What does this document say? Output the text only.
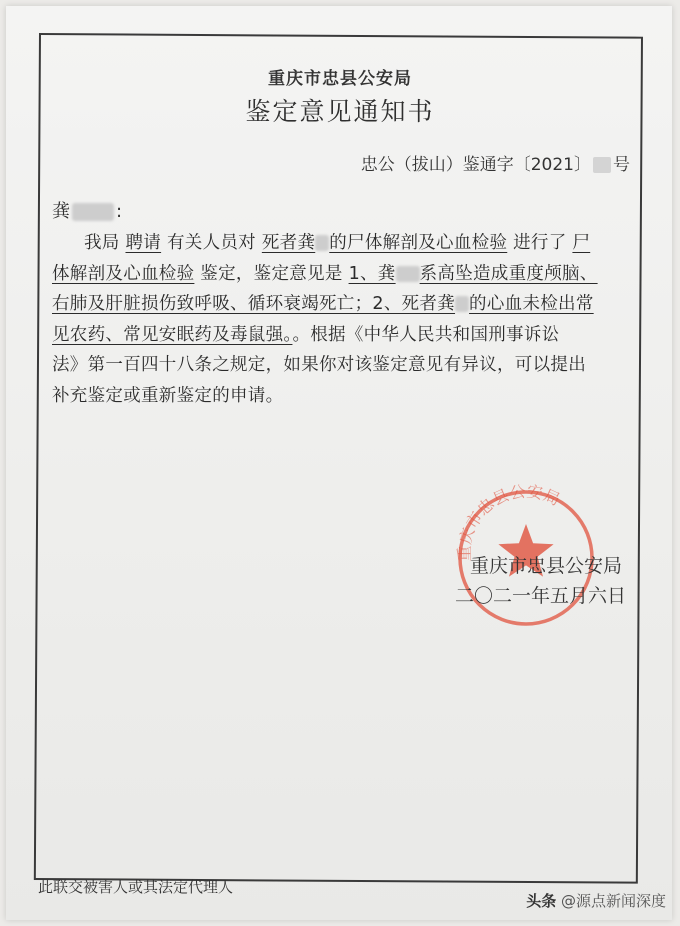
重庆市忠县公安局
鉴定意见通知书
忠公（拔山）鉴通字〔2021〕 号
龚	:
我局 聘请 有关人员对 死者龚 的尸体解剖及心血检验 进行了 尸
体解剖及心血检验 鉴定，鉴定意见是 1、龚 系高坠造成重度颅脑、
右肺及肝脏损伤致呼吸、循环衰竭死亡；2、死者龚 的心血未检出常
见农药、常见安眠药及毒鼠强。。根据《中华人民共和国刑事诉讼
法》第一百四十八条之规定，如果你对该鉴定意见有异议，可以提出
补充鉴定或重新鉴定的申请。
重庆市忠县公安局
重庆市忠县公安局
二〇二一年五月六日
此联交被害人或其法定代理人
头条 @源点新闻深度
